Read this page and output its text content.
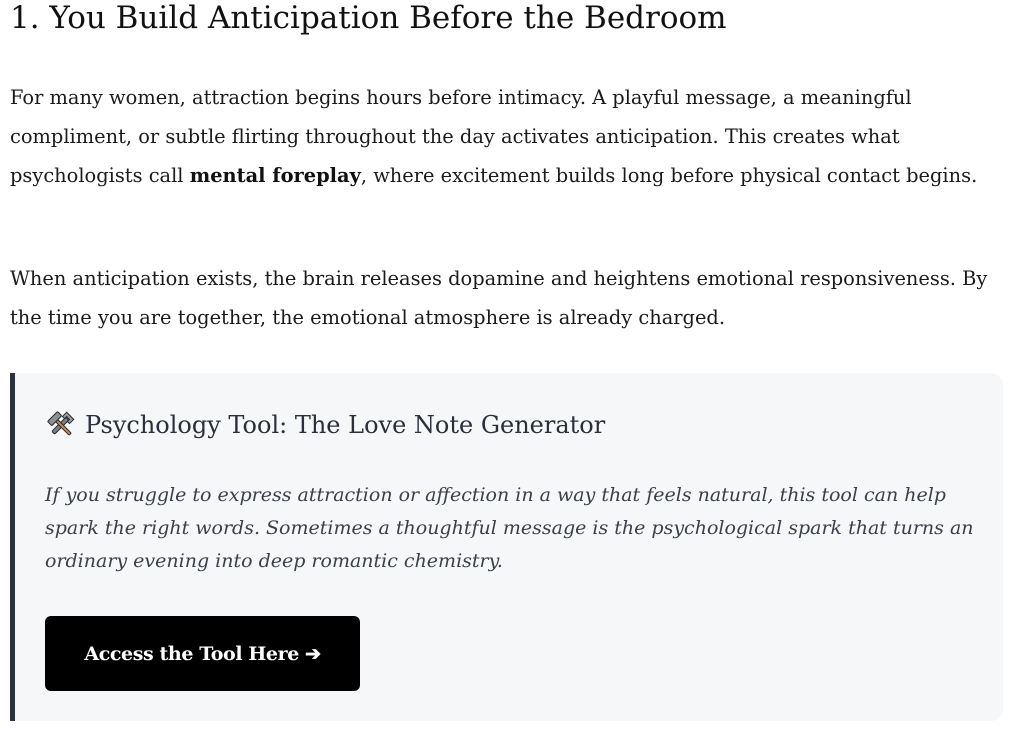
1. You Build Anticipation Before the Bedroom

For many women, attraction begins hours before intimacy. A playful message, a meaningful compliment, or subtle flirting throughout the day activates anticipation. This creates what psychologists call mental foreplay, where excitement builds long before physical contact begins.

When anticipation exists, the brain releases dopamine and heightens emotional responsiveness. By the time you are together, the emotional atmosphere is already charged.

Psychology Tool: The Love Note Generator

If you struggle to express attraction or affection in a way that feels natural, this tool can help spark the right words. Sometimes a thoughtful message is the psychological spark that turns an ordinary evening into deep romantic chemistry.

Access the Tool Here ➔
